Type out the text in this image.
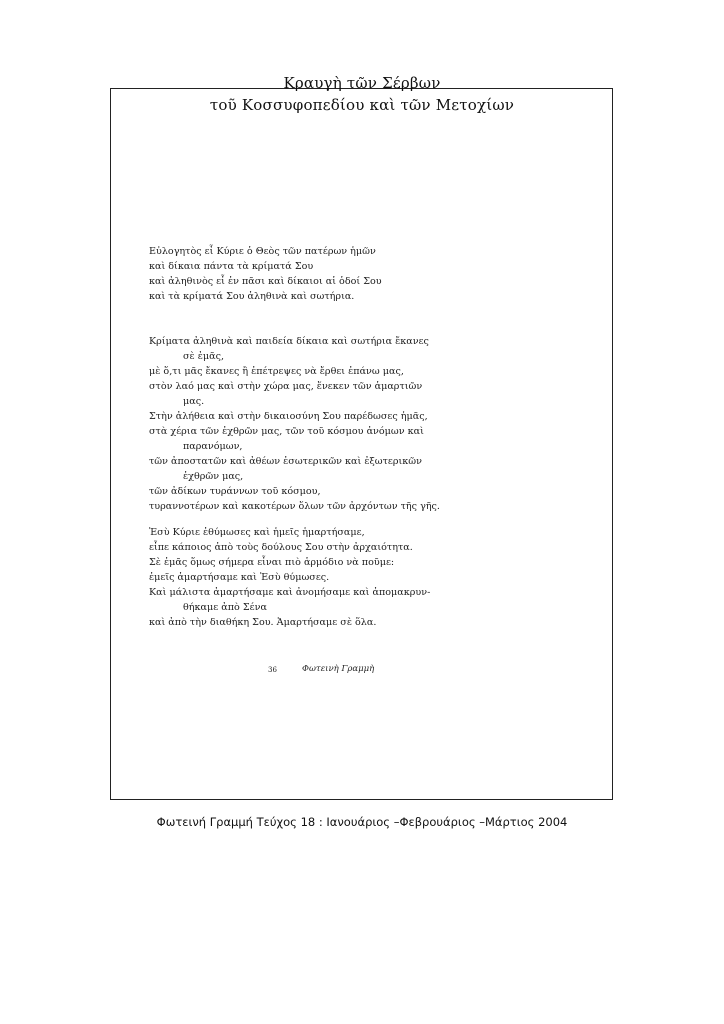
Κραυγὴ τῶν Σέρβων
τοῦ Κοσσυφοπεδίου καὶ τῶν Μετοχίων
Εὐλογητὸς εἶ Κύριε ὁ Θεὸς τῶν πατέρων ἡμῶν
καὶ δίκαια πάντα τὰ κρίματά Σου
καὶ ἀληθινὸς εἶ ἐν πᾶσι καὶ δίκαιοι αἱ ὁδοί Σου
καὶ τὰ κρίματά Σου ἀληθινὰ καὶ σωτήρια.
Κρίματα ἀληθινὰ καὶ παιδεία δίκαια καὶ σωτήρια ἔκανες
σὲ ἐμᾶς,
μὲ ὅ,τι μᾶς ἔκανες ἢ ἐπέτρεψες νὰ ἔρθει ἐπάνω μας,
στὸν λαό μας καὶ στὴν χώρα μας, ἕνεκεν τῶν ἁμαρτιῶν
μας.
Στὴν ἀλήθεια καὶ στὴν δικαιοσύνη Σου παρέδωσες ἡμᾶς,
στὰ χέρια τῶν ἐχθρῶν μας, τῶν τοῦ κόσμου ἀνόμων καὶ
παρανόμων,
τῶν ἀποστατῶν καὶ ἀθέων ἐσωτερικῶν καὶ ἐξωτερικῶν
ἐχθρῶν μας,
τῶν ἀδίκων τυράννων τοῦ κόσμου,
τυραννοτέρων καὶ κακοτέρων ὅλων τῶν ἀρχόντων τῆς γῆς.
Ἐσὺ Κύριε ἐθύμωσες καὶ ἡμεῖς ἡμαρτήσαμε,
εἶπε κάποιος ἀπὸ τοὺς δούλους Σου στὴν ἀρχαιότητα.
Σὲ ἐμᾶς ὅμως σήμερα εἶναι πιὸ ἁρμόδιο νὰ ποῦμε:
ἐμεῖς ἁμαρτήσαμε καὶ Ἐσὺ θύμωσες.
Καὶ μάλιστα ἁμαρτήσαμε καὶ ἀνομήσαμε καὶ ἀπομακρυν-
θήκαμε ἀπὸ Σένα
καὶ ἀπὸ τὴν διαθήκη Σου. Ἁμαρτήσαμε σὲ ὅλα.
36	Φωτεινὴ Γραμμὴ
Φωτεινή Γραμμή Τεύχος 18 : Ιανουάριος –Φεβρουάριος –Μάρτιος 2004
